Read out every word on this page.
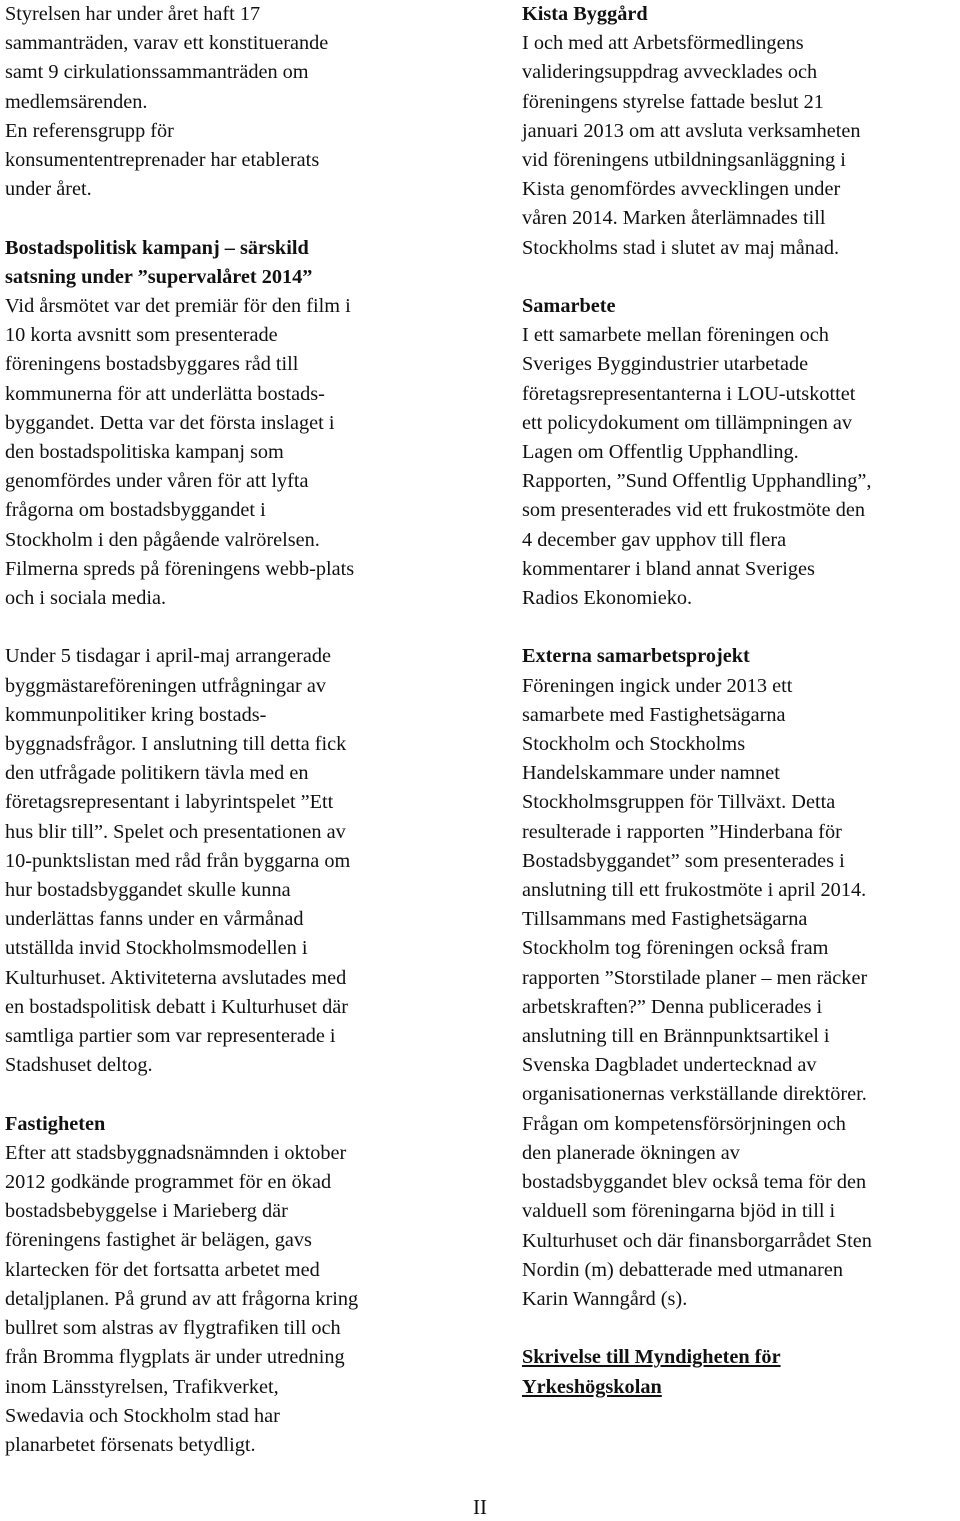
Styrelsen har under året haft 17
sammanträden, varav ett konstituerande
samt 9 cirkulationssammanträden om
medlemsärenden.

En referensgrupp för
konsumententreprenader har etablerats
under året.

Bostadspolitisk kampanj – särskild
satsning under ”supervalåret 2014”
Vid årsmötet var det premiär för den film i
10 korta avsnitt som presenterade
föreningens bostadsbyggares råd till
kommunerna för att underlätta bostads-
byggandet. Detta var det första inslaget i
den bostadspolitiska kampanj som
genomfördes under våren för att lyfta
frågorna om bostadsbyggandet i
Stockholm i den pågående valrörelsen.
Filmerna spreds på föreningens webb-plats
och i sociala media.

Under 5 tisdagar i april-maj arrangerade
byggmästareföreningen utfrågningar av
kommunpolitiker kring bostads-
byggnadsfrågor. I anslutning till detta fick
den utfrågade politikern tävla med en
företagsrepresentant i labyrintspelet ”Ett
hus blir till”. Spelet och presentationen av
10-punktslistan med råd från byggarna om
hur bostadsbyggandet skulle kunna
underlättas fanns under en vårmånad
utställda invid Stockholmsmodellen i
Kulturhuset. Aktiviteterna avslutades med
en bostadspolitisk debatt i Kulturhuset där
samtliga partier som var representerade i
Stadshuset deltog.

Fastigheten
Efter att stadsbyggnadsnämnden i oktober
2012 godkände programmet för en ökad
bostadsbebyggelse i Marieberg där
föreningens fastighet är belägen, gavs
klartecken för det fortsatta arbetet med
detaljplanen. På grund av att frågorna kring
bullret som alstras av flygtrafiken till och
från Bromma flygplats är under utredning
inom Länsstyrelsen, Trafikverket,
Swedavia och Stockholm stad har
planarbetet försenats betydligt.
Kista Byggård
I och med att Arbetsförmedlingens
valideringsuppdrag avvecklades och
föreningens styrelse fattade beslut 21
januari 2013 om att avsluta verksamheten
vid föreningens utbildningsanläggning i
Kista genomfördes avvecklingen under
våren 2014. Marken återlämnades till
Stockholms stad i slutet av maj månad.
Samarbete
I ett samarbete mellan föreningen och
Sveriges Byggindustrier utarbetade
företagsrepresentanterna i LOU-utskottet
ett policydokument om tillämpningen av
Lagen om Offentlig Upphandling.
Rapporten, ”Sund Offentlig Upphandling”,
som presenterades vid ett frukostmöte den
4 december gav upphov till flera
kommentarer i bland annat Sveriges
Radios Ekonomieko.
Externa samarbetsprojekt
Föreningen ingick under 2013 ett
samarbete med Fastighetsägarna
Stockholm och Stockholms
Handelskammare under namnet
Stockholmsgruppen för Tillväxt. Detta
resulterade i rapporten ”Hinderbana för
Bostadsbyggandet” som presenterades i
anslutning till ett frukostmöte i april 2014.
Tillsammans med Fastighetsägarna
Stockholm tog föreningen också fram
rapporten ”Storstilade planer – men räcker
arbetskraften?” Denna publicerades i
anslutning till en Brännpunktsartikel i
Svenska Dagbladet undertecknad av
organisationernas verkställande direktörer.
Frågan om kompetensförsörjningen och
den planerade ökningen av
bostadsbyggandet blev också tema för den
valduell som föreningarna bjöd in till i
Kulturhuset och där finansborgarrådet Sten
Nordin (m) debatterade med utmanaren
Karin Wanngård (s).
Skrivelse till Myndigheten för
Yrkeshögskolan
II
